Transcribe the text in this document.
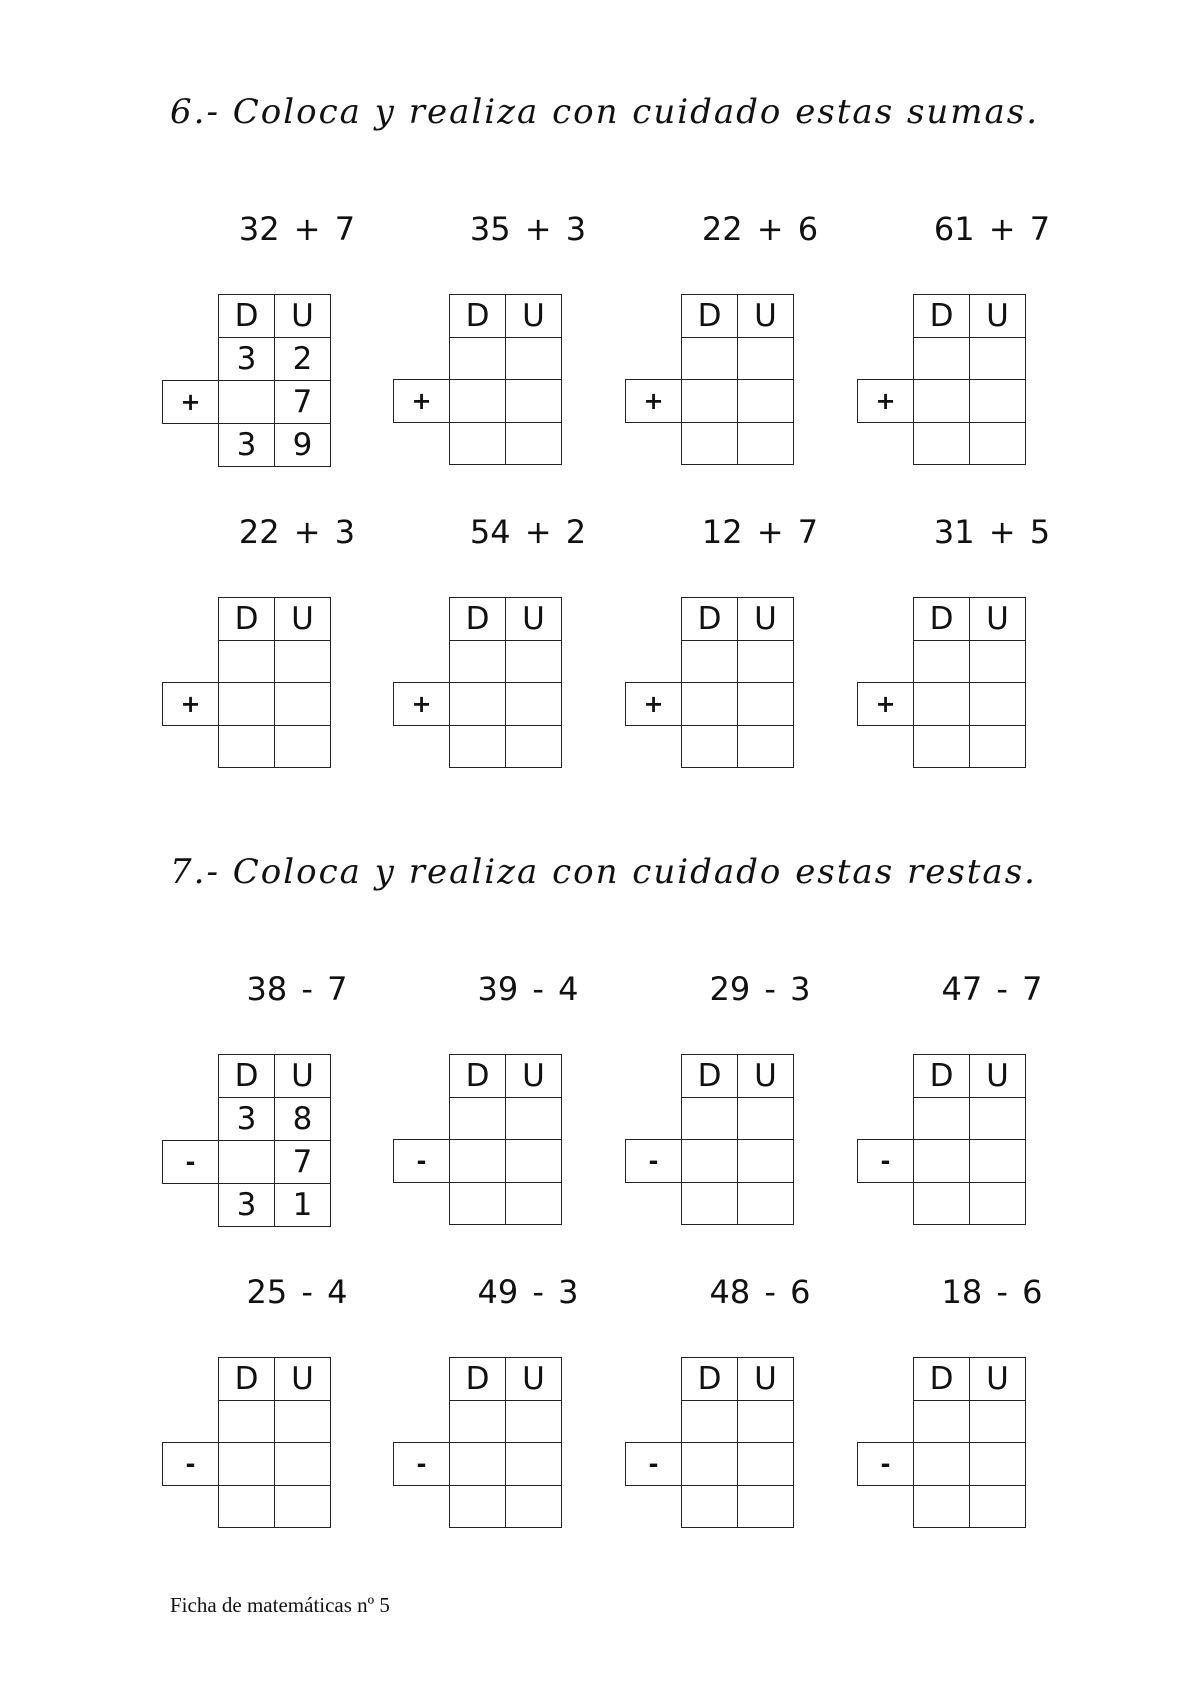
6.- Coloca y realiza con cuidado estas sumas.
32 + 7
	D	U
	3	2
+		7
	3	9
35 + 3
	D	U

+		

22 + 6
	D	U

+		

61 + 7
	D	U

+		

22 + 3
	D	U

+		

54 + 2
	D	U

+		

12 + 7
	D	U

+		

31 + 5
	D	U

+		

7.- Coloca y realiza con cuidado estas restas.
38 - 7
	D	U
	3	8
-		7
	3	1
39 - 4
	D	U

-		

29 - 3
	D	U

-		

47 - 7
	D	U

-		

25 - 4
	D	U

-		

49 - 3
	D	U

-		

48 - 6
	D	U

-		

18 - 6
	D	U

-		

Ficha de matemáticas nº 5
